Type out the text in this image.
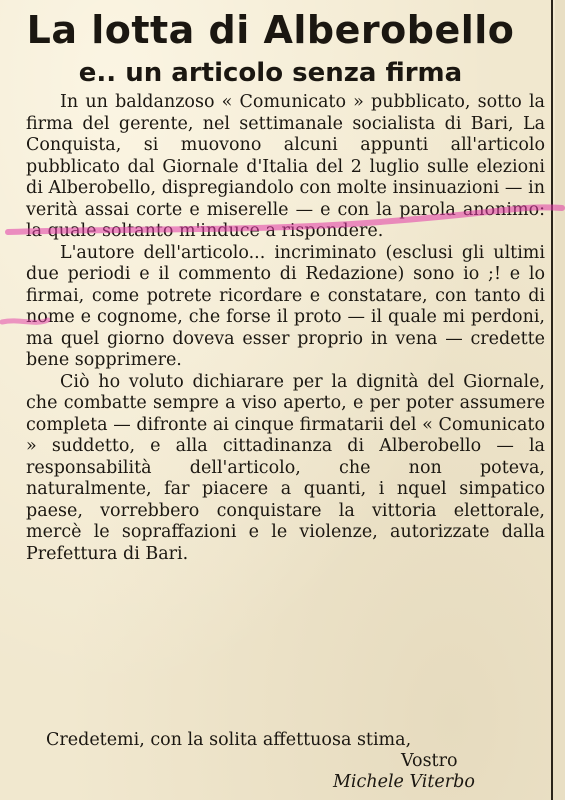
La lotta di Alberobello
e.. un articolo senza firma

In un baldanzoso « Comunicato » pubblicato, sotto la firma del gerente, nel settimanale socialista di Bari, La Conquista, si muovono alcuni appunti all'articolo pubblicato dal Giornale d'Italia del 2 luglio sulle elezioni di Alberobello, dispregiandolo con molte insinuazioni — in verità assai corte e miserelle — e con la parola anonimo: la quale soltanto m'induce a rispondere.

L'autore dell'articolo... incriminato (esclusi gli ultimi due periodi e il commento di Redazione) sono io ;! e lo firmai, come potrete ricordare e constatare, con tanto di nome e cognome, che forse il proto — il quale mi perdoni, ma quel giorno doveva esser proprio in vena — credette bene sopprimere.

Ciò ho voluto dichiarare per la dignità del Giornale, che combatte sempre a viso aperto, e per poter assumere completa — difronte ai cinque firmatarii del « Comunicato » suddetto, e alla cittadinanza di Alberobello — la responsabilità dell'articolo, che non poteva, naturalmente, far piacere a quanti, i nquel simpatico paese, vorrebbero conquistare la vittoria elettorale, mercè le sopraffazioni e le violenze, autorizzate dalla Prefettura di Bari.

Credetemi, con la solita affettuosa stima,
Vostro
Michele Viterbo
